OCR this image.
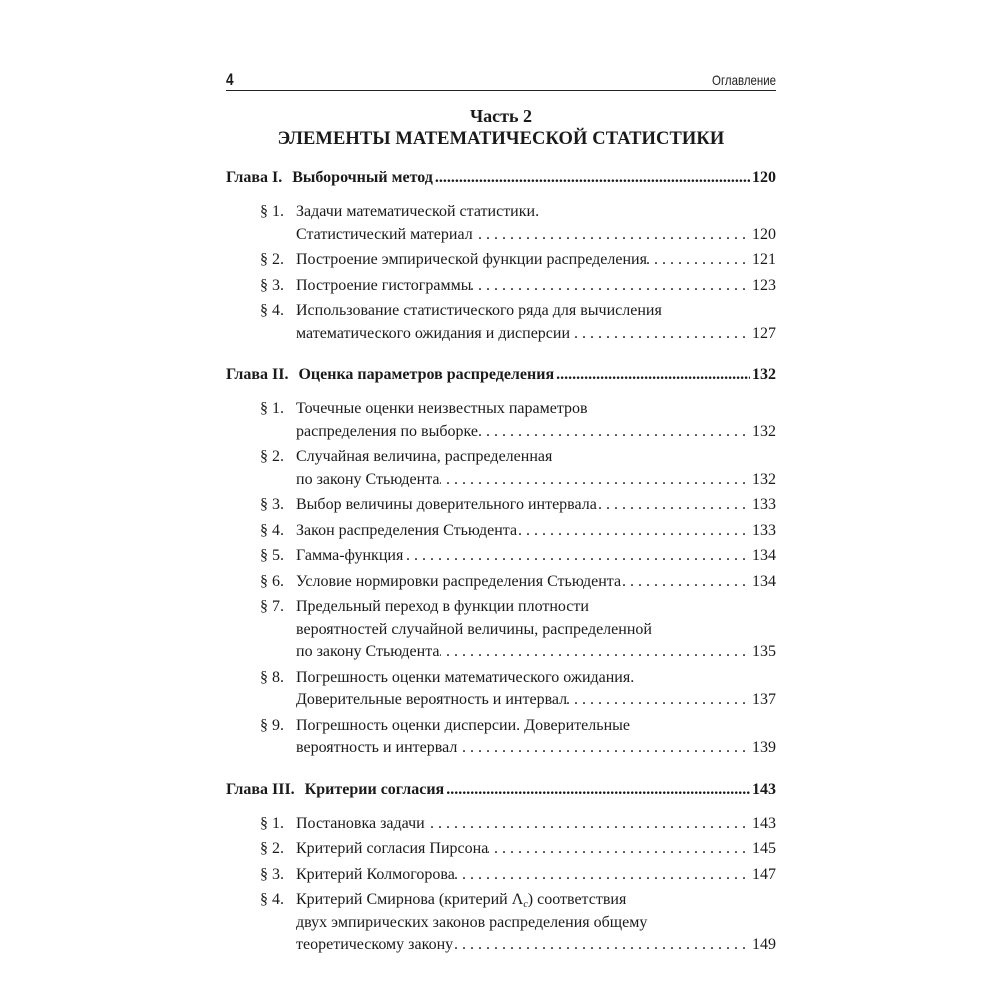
4	Оглавление
Часть 2
ЭЛЕМЕНТЫ МАТЕМАТИЧЕСКОЙ СТАТИСТИКИ
Глава I. Выборочный метод .....	120
§ 1. Задачи математической статистики.
Статистический материал . . .	120
§ 2. Построение эмпирической функции распределения . . .	121
§ 3. Построение гистограммы . . .	123
§ 4. Использование статистического ряда для вычисления
математического ожидания и дисперсии . . .	127
Глава II. Оценка параметров распределения .....	132
§ 1. Точечные оценки неизвестных параметров
распределения по выборке . . .	132
§ 2. Случайная величина, распределенная
по закону Стьюдента . . .	132
§ 3. Выбор величины доверительного интервала . . .	133
§ 4. Закон распределения Стьюдента . . .	133
§ 5. Гамма-функция . . .	134
§ 6. Условие нормировки распределения Стьюдента . . .	134
§ 7. Предельный переход в функции плотности
вероятностей случайной величины, распределенной
по закону Стьюдента . . .	135
§ 8. Погрешность оценки математического ожидания.
Доверительные вероятность и интервал . . .	137
§ 9. Погрешность оценки дисперсии. Доверительные
вероятность и интервал . . .	139
Глава III. Критерии согласия .....	143
§ 1. Постановка задачи . . .	143
§ 2. Критерий согласия Пирсона . . .	145
§ 3. Критерий Колмогорова . . .	147
§ 4. Критерий Смирнова (критерий $\Lambda_c$) соответствия
двух эмпирических законов распределения общему
теоретическому закону . . .	149
